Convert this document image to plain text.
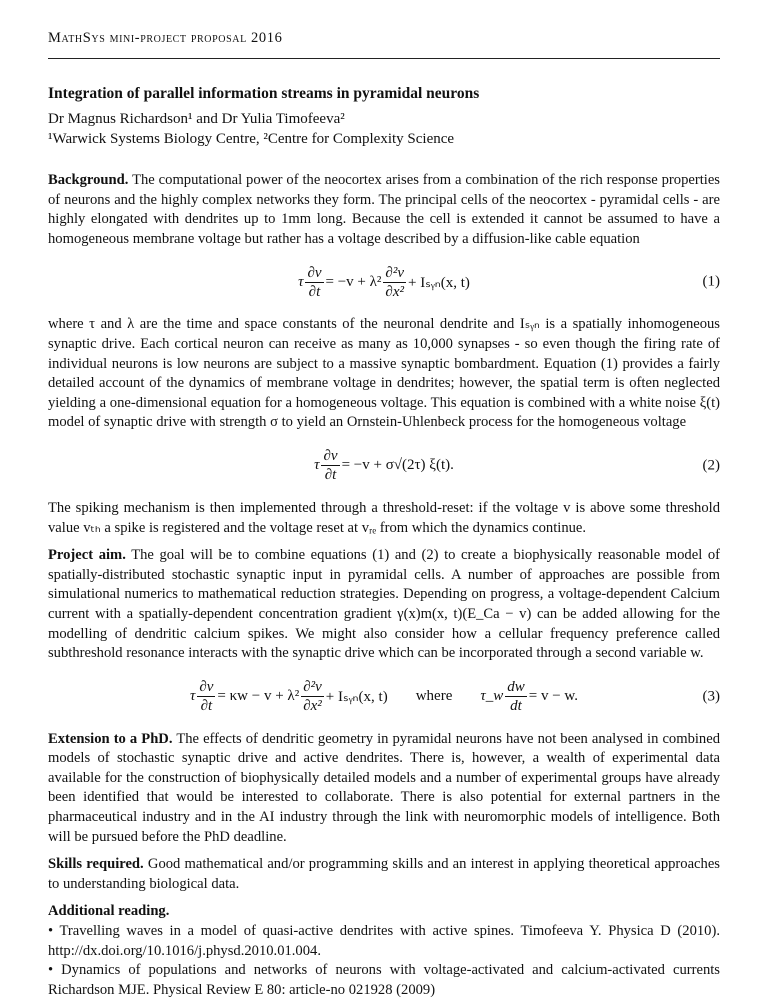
MathSys mini-project proposal 2016
Integration of parallel information streams in pyramidal neurons
Dr Magnus Richardson¹ and Dr Yulia Timofeeva²
¹Warwick Systems Biology Centre, ²Centre for Complexity Science

Background. The computational power of the neocortex arises from a combination of the rich response properties of neurons and the highly complex networks they form. The principal cells of the neocortex - pyramidal cells - are highly elongated with dendrites up to 1mm long. Because the cell is extended it cannot be assumed to have a homogeneous membrane voltage but rather has a voltage described by a diffusion-like cable equation

τ $\frac{\partial v}{\partial t} = -v + \lambda^2 \frac{\text{∂²v}}{\text{∂x²}}$ + Iₛᵧₙ(x, t)	(1)

where τ and λ are the time and space constants of the neuronal dendrite and Iₛᵧₙ is a spatially inhomogeneous synaptic drive. Each cortical neuron can receive as many as 10,000 synapses - so even though the firing rate of individual neurons is low neurons are subject to a massive synaptic bombardment. Equation (1) provides a fairly detailed account of the dynamics of membrane voltage in dendrites; however, the spatial term is often neglected yielding a one-dimensional equation for a homogeneous voltage. This equation is combined with a white noise ξ(t) model of synaptic drive with strength σ to yield an Ornstein-Uhlenbeck process for the homogeneous voltage

τ $\frac{\partial v}{\partial t} = -v + \sigma√(2\tau)$ ξ(t).	(2)

The spiking mechanism is then implemented through a threshold-reset: if the voltage v is above some threshold value vₜₕ a spike is registered and the voltage reset at vᵣₑ from which the dynamics continue.

Project aim. The goal will be to combine equations (1) and (2) to create a biophysically reasonable model of spatially-distributed stochastic synaptic input in pyramidal cells. A number of approaches are possible from simulational numerics to mathematical reduction strategies. Depending on progress, a voltage-dependent Calcium current with a spatially-dependent concentration gradient γ(x)m(x, t)(E_Ca − v) can be added allowing for the modelling of dendritic calcium spikes. We might also consider how a cellular frequency preference called subthreshold resonance interacts with the synaptic drive which can be incorporated through a second variable w.

τ $\frac{\partial v}{\partial t} = \kappa w - v + \lambda^2 \frac{\text{∂²v}}{\text{∂x²}}$ + Iₛᵧₙ(x, t) where τ_w $\frac{dw}{dt} = v - w$.	(3)

Extension to a PhD. The effects of dendritic geometry in pyramidal neurons have not been analysed in combined models of stochastic synaptic drive and active dendrites. There is, however, a wealth of experimental data available for the construction of biophysically detailed models and a number of experimental groups have already been identified that would be interested to collaborate. There is also potential for external partners in the pharmaceutical industry and in the AI industry through the link with neuromorphic models of intelligence. Both will be pursued before the PhD deadline.

Skills required. Good mathematical and/or programming skills and an interest in applying theoretical approaches to understanding biological data.

Additional reading.

• Travelling waves in a model of quasi-active dendrites with active spines. Timofeeva Y. Physica D (2010). http://dx.doi.org/10.1016/j.physd.2010.01.004.

• Dynamics of populations and networks of neurons with voltage-activated and calcium-activated currents Richardson MJE. Physical Review E 80: article-no 021928 (2009)
